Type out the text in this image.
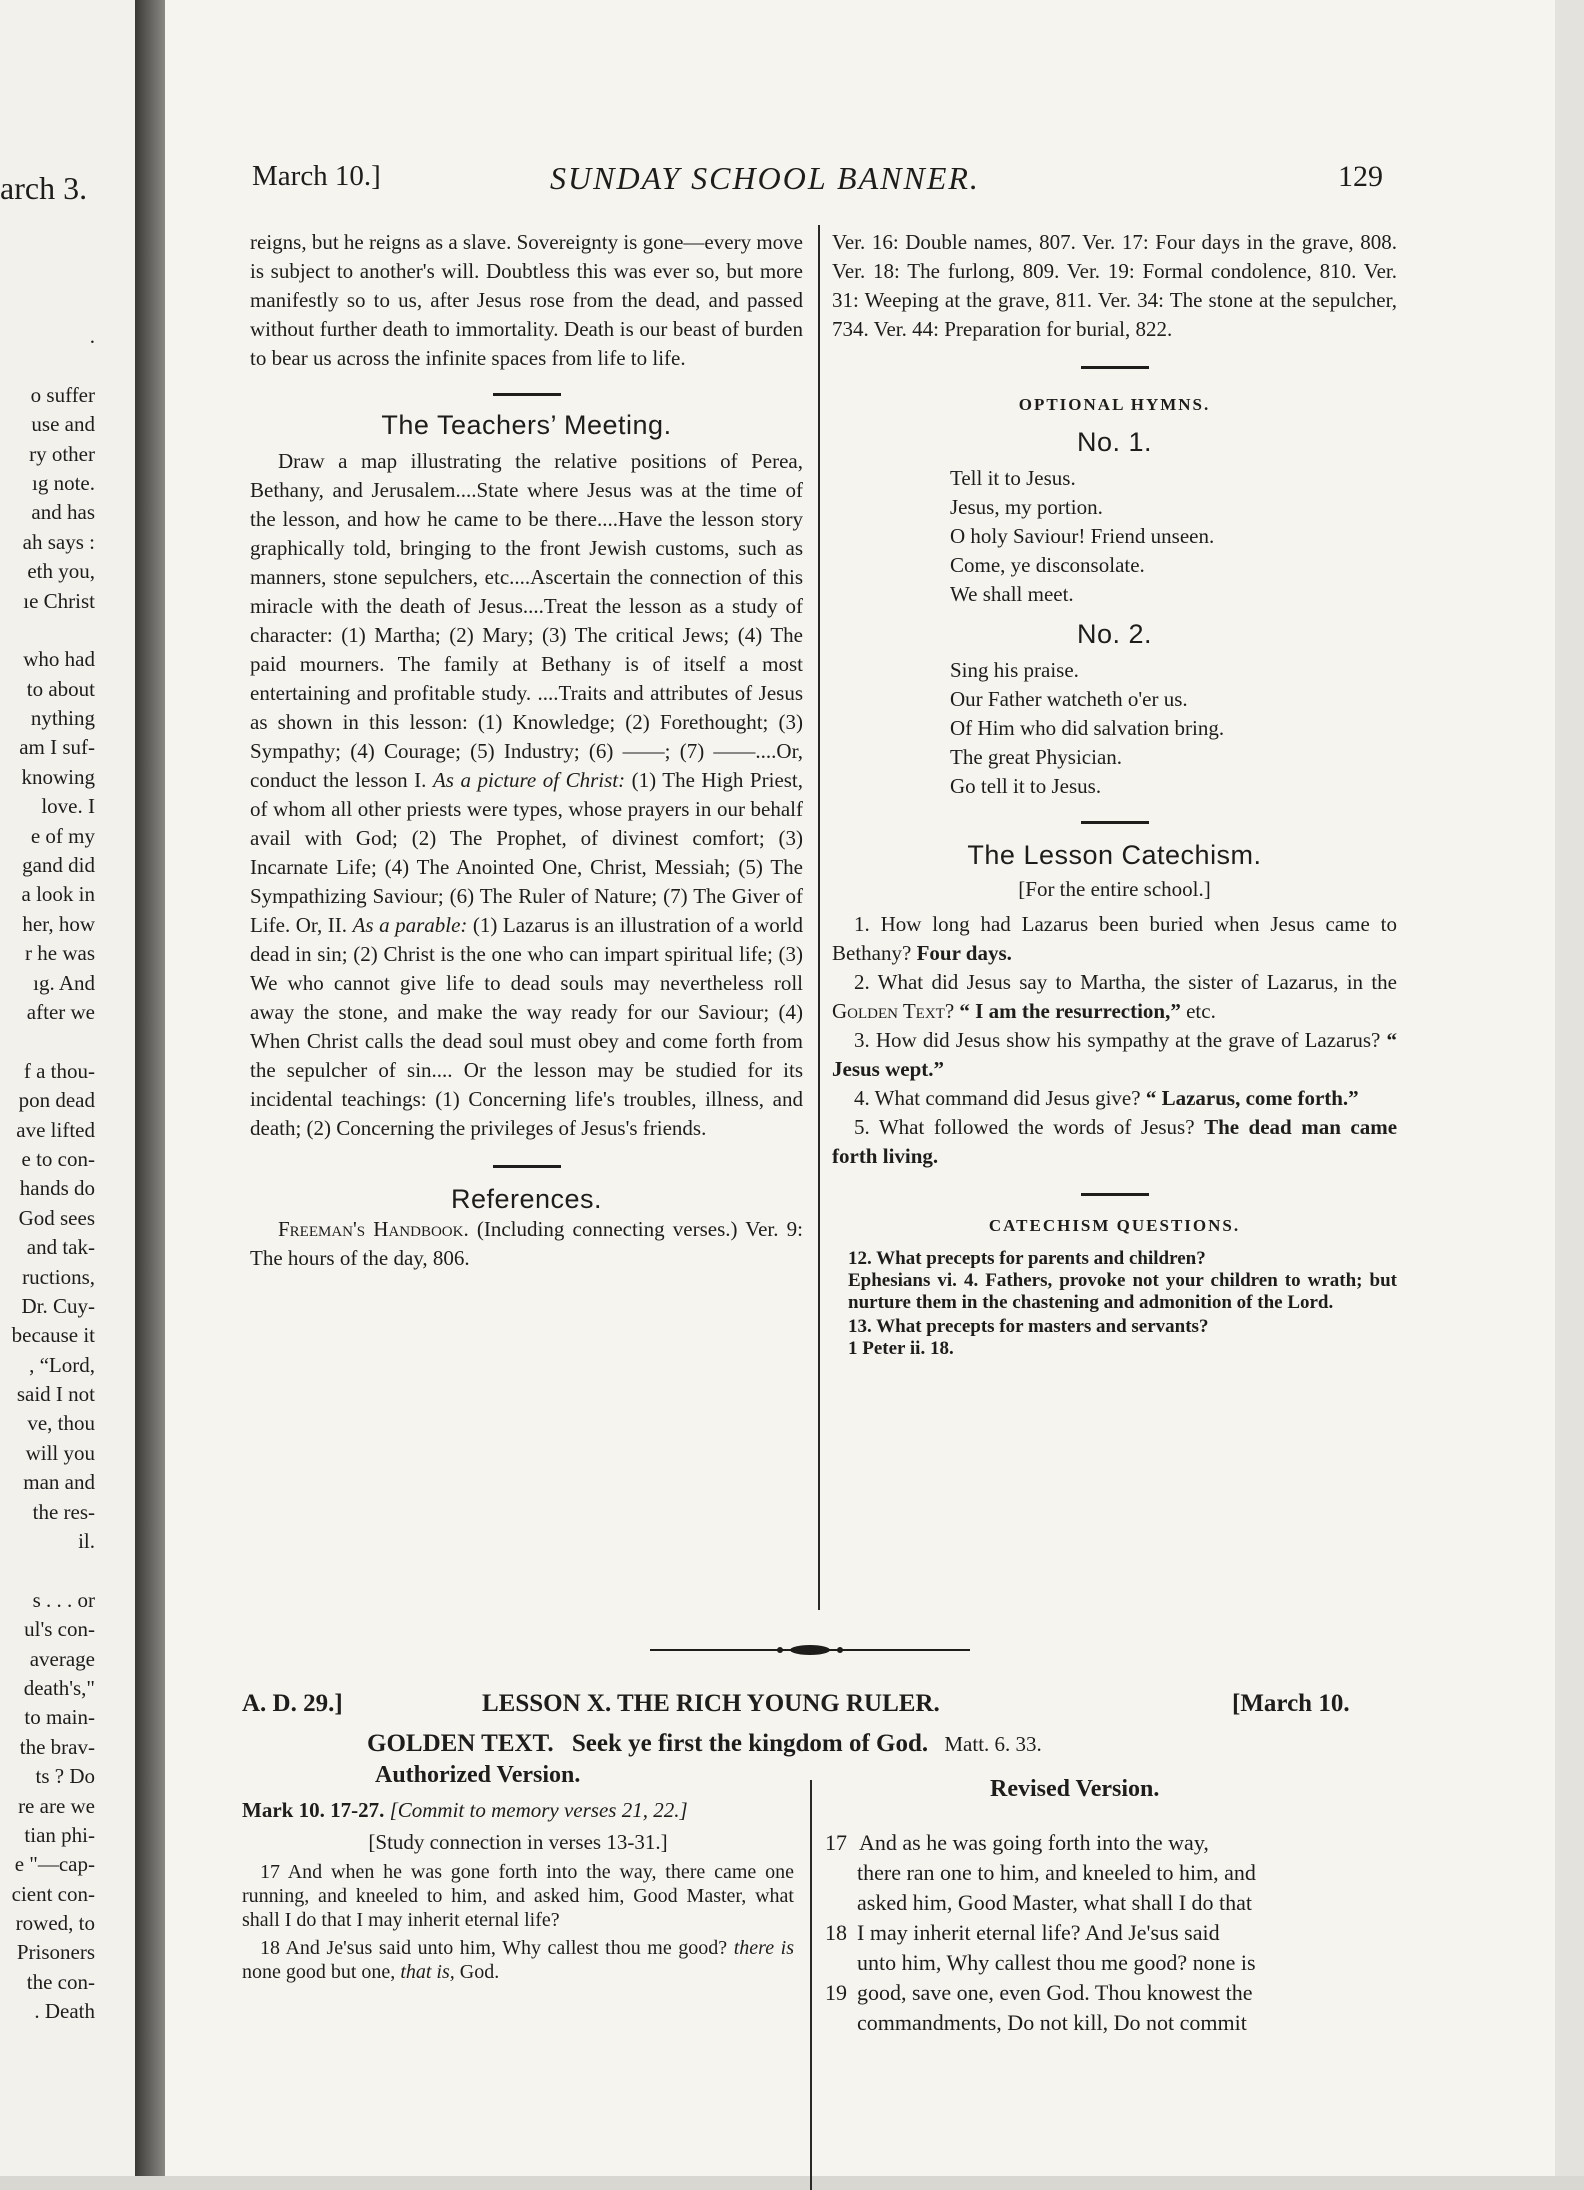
arch 3.
.
o suffer
use and
ry other
ıg note.
and has
ah says :
eth you,
ıe Christ
who had
to about
nything
am I suf-
knowing
love. I
e of my
gand did
a look in
her, how
r he was
ıg. And
after we
f a thou-
pon dead
ave lifted
e to con-
hands do
God sees
and tak-
ructions,
Dr. Cuy-
because it
, “Lord,
said I not
ve, thou
will you
man and
the res-
il.
s . . . or
ul's con-
average
death's,"
to main-
the brav-
ts ? Do
re are we
tian phi-
e "—cap-
cient con-
rowed, to
Prisoners
the con-
. Death
March 10.]	SUNDAY SCHOOL BANNER.	129

reigns, but he reigns as a slave. Sovereignty is gone—every move is subject to another's will. Doubtless this was ever so, but more manifestly so to us, after Jesus rose from the dead, and passed without further death to immortality. Death is our beast of burden to bear us across the infinite spaces from life to life.

The Teachers’ Meeting.

Draw a map illustrating the relative positions of Perea, Bethany, and Jerusalem....State where Jesus was at the time of the lesson, and how he came to be there....Have the lesson story graphically told, bringing to the front Jewish customs, such as manners, stone sepulchers, etc....Ascertain the connection of this miracle with the death of Jesus....Treat the lesson as a study of character: (1) Martha; (2) Mary; (3) The critical Jews; (4) The paid mourners. The family at Bethany is of itself a most entertaining and profitable study. ....Traits and attributes of Jesus as shown in this lesson: (1) Knowledge; (2) Forethought; (3) Sympathy; (4) Courage; (5) Industry; (6) ——; (7) ——....Or, conduct the lesson I. As a picture of Christ: (1) The High Priest, of whom all other priests were types, whose prayers in our behalf avail with God; (2) The Prophet, of divinest comfort; (3) Incarnate Life; (4) The Anointed One, Christ, Messiah; (5) The Sympathizing Saviour; (6) The Ruler of Nature; (7) The Giver of Life. Or, II. As a parable: (1) Lazarus is an illustration of a world dead in sin; (2) Christ is the one who can impart spiritual life; (3) We who cannot give life to dead souls may nevertheless roll away the stone, and make the way ready for our Saviour; (4) When Christ calls the dead soul must obey and come forth from the sepulcher of sin.... Or the lesson may be studied for its incidental teachings: (1) Concerning life's troubles, illness, and death; (2) Concerning the privileges of Jesus's friends.

References.

Freeman's Handbook. (Including connecting verses.) Ver. 9: The hours of the day, 806.

Ver. 16: Double names, 807. Ver. 17: Four days in the grave, 808. Ver. 18: The furlong, 809. Ver. 19: Formal condolence, 810. Ver. 31: Weeping at the grave, 811. Ver. 34: The stone at the sepulcher, 734. Ver. 44: Preparation for burial, 822.

OPTIONAL HYMNS.

No. 1.

Tell it to Jesus.

Jesus, my portion.

O holy Saviour! Friend unseen.

Come, ye disconsolate.

We shall meet.

No. 2.

Sing his praise.

Our Father watcheth o'er us.

Of Him who did salvation bring.

The great Physician.

Go tell it to Jesus.

The Lesson Catechism.

[For the entire school.]

1. How long had Lazarus been buried when Jesus came to Bethany? Four days.

2. What did Jesus say to Martha, the sister of Lazarus, in the Golden Text? “ I am the resurrection,” etc.

3. How did Jesus show his sympathy at the grave of Lazarus? “ Jesus wept.”

4. What command did Jesus give? “ Lazarus, come forth.”

5. What followed the words of Jesus? The dead man came forth living.

CATECHISM QUESTIONS.

12. What precepts for parents and children?

Ephesians vi. 4. Fathers, provoke not your children to wrath; but nurture them in the chastening and admonition of the Lord.

13. What precepts for masters and servants?

1 Peter ii. 18.

A. D. 29.]	LESSON X. THE RICH YOUNG RULER.	[March 10.
GOLDEN TEXT. Seek ye first the kingdom of God. Matt. 6. 33.
Authorized Version.
Revised Version.

Mark 10. 17-27. [Commit to memory verses 21, 22.]

[Study connection in verses 13-31.]

17 And when he was gone forth into the way, there came one running, and kneeled to him, and asked him, Good Master, what shall I do that I may inherit eternal life?

18 And Je'sus said unto him, Why callest thou me good? there is none good but one, that is, God.

17 And as he was going forth into the way,
there ran one to him, and kneeled to him, and
asked him, Good Master, what shall I do that
18 I may inherit eternal life? And Je'sus said
unto him, Why callest thou me good? none is
19 good, save one, even God. Thou knowest the
commandments, Do not kill, Do not commit
